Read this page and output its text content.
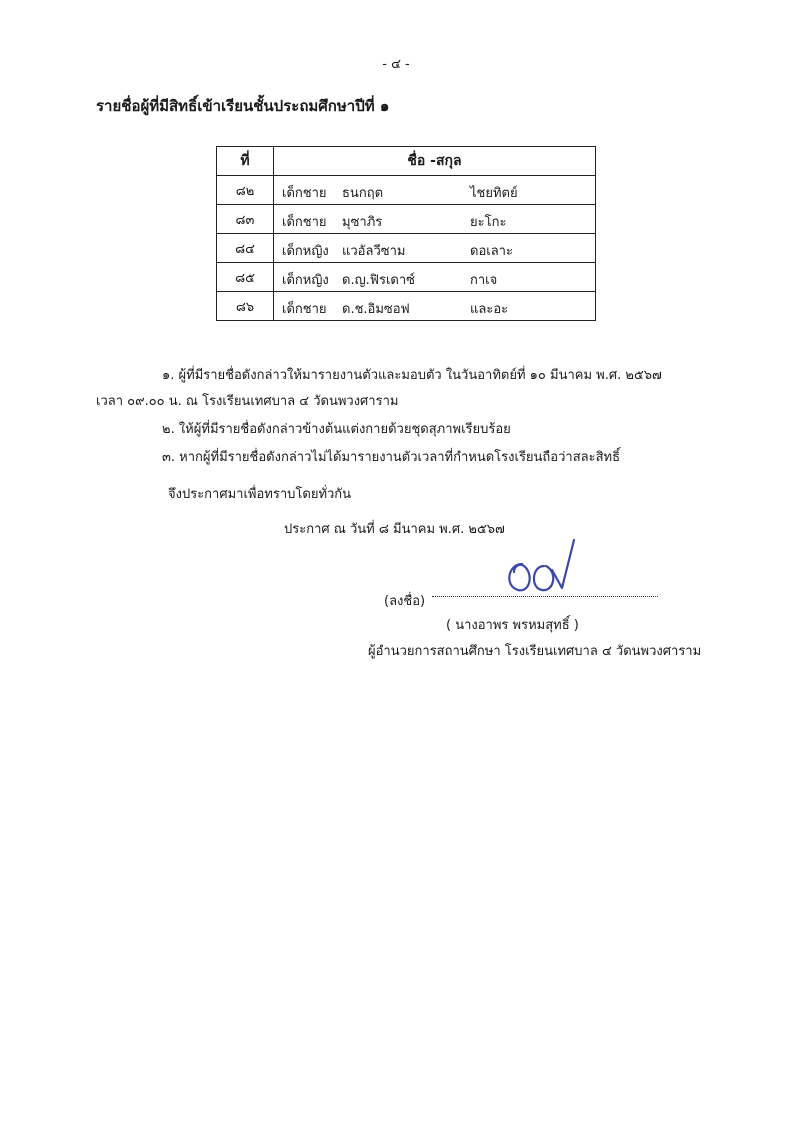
- ๔ -
รายชื่อผู้ที่มีสิทธิ์เข้าเรียนชั้นประถมศึกษาปีที่ ๑
ที่	ชื่อ -สกุล
๘๒	เด็กชาย ธนกฤต ไชยทิตย์

๘๓	เด็กชาย มุซาภิร ยะโกะ

๘๔	เด็กหญิง แวอัลวีซาม ดอเลาะ

๘๕	เด็กหญิง ด.ญ.ฟิรเดาซ์ กาเจ

๘๖	เด็กชาย ด.ช.อิมซอฟ และอะ
๑. ผู้ที่มีรายชื่อดังกล่าวให้มารายงานตัวและมอบตัว ในวันอาทิตย์ที่ ๑๐ มีนาคม พ.ศ. ๒๕๖๗
เวลา ๐๙.๐๐ น. ณ โรงเรียนเทศบาล ๔ วัดนพวงศาราม
๒. ให้ผู้ที่มีรายชื่อดังกล่าวข้างต้นแต่งกายด้วยชุดสุภาพเรียบร้อย
๓. หากผู้ที่มีรายชื่อดังกล่าวไม่ได้มารายงานตัวเวลาที่กำหนดโรงเรียนถือว่าสละสิทธิ์
จึงประกาศมาเพื่อทราบโดยทั่วกัน
ประกาศ ณ วันที่ ๘ มีนาคม พ.ศ. ๒๕๖๗
(ลงชื่อ)
( นางอาพร พรหมสุทธิ์ )
ผู้อำนวยการสถานศึกษา โรงเรียนเทศบาล ๔ วัดนพวงศาราม
